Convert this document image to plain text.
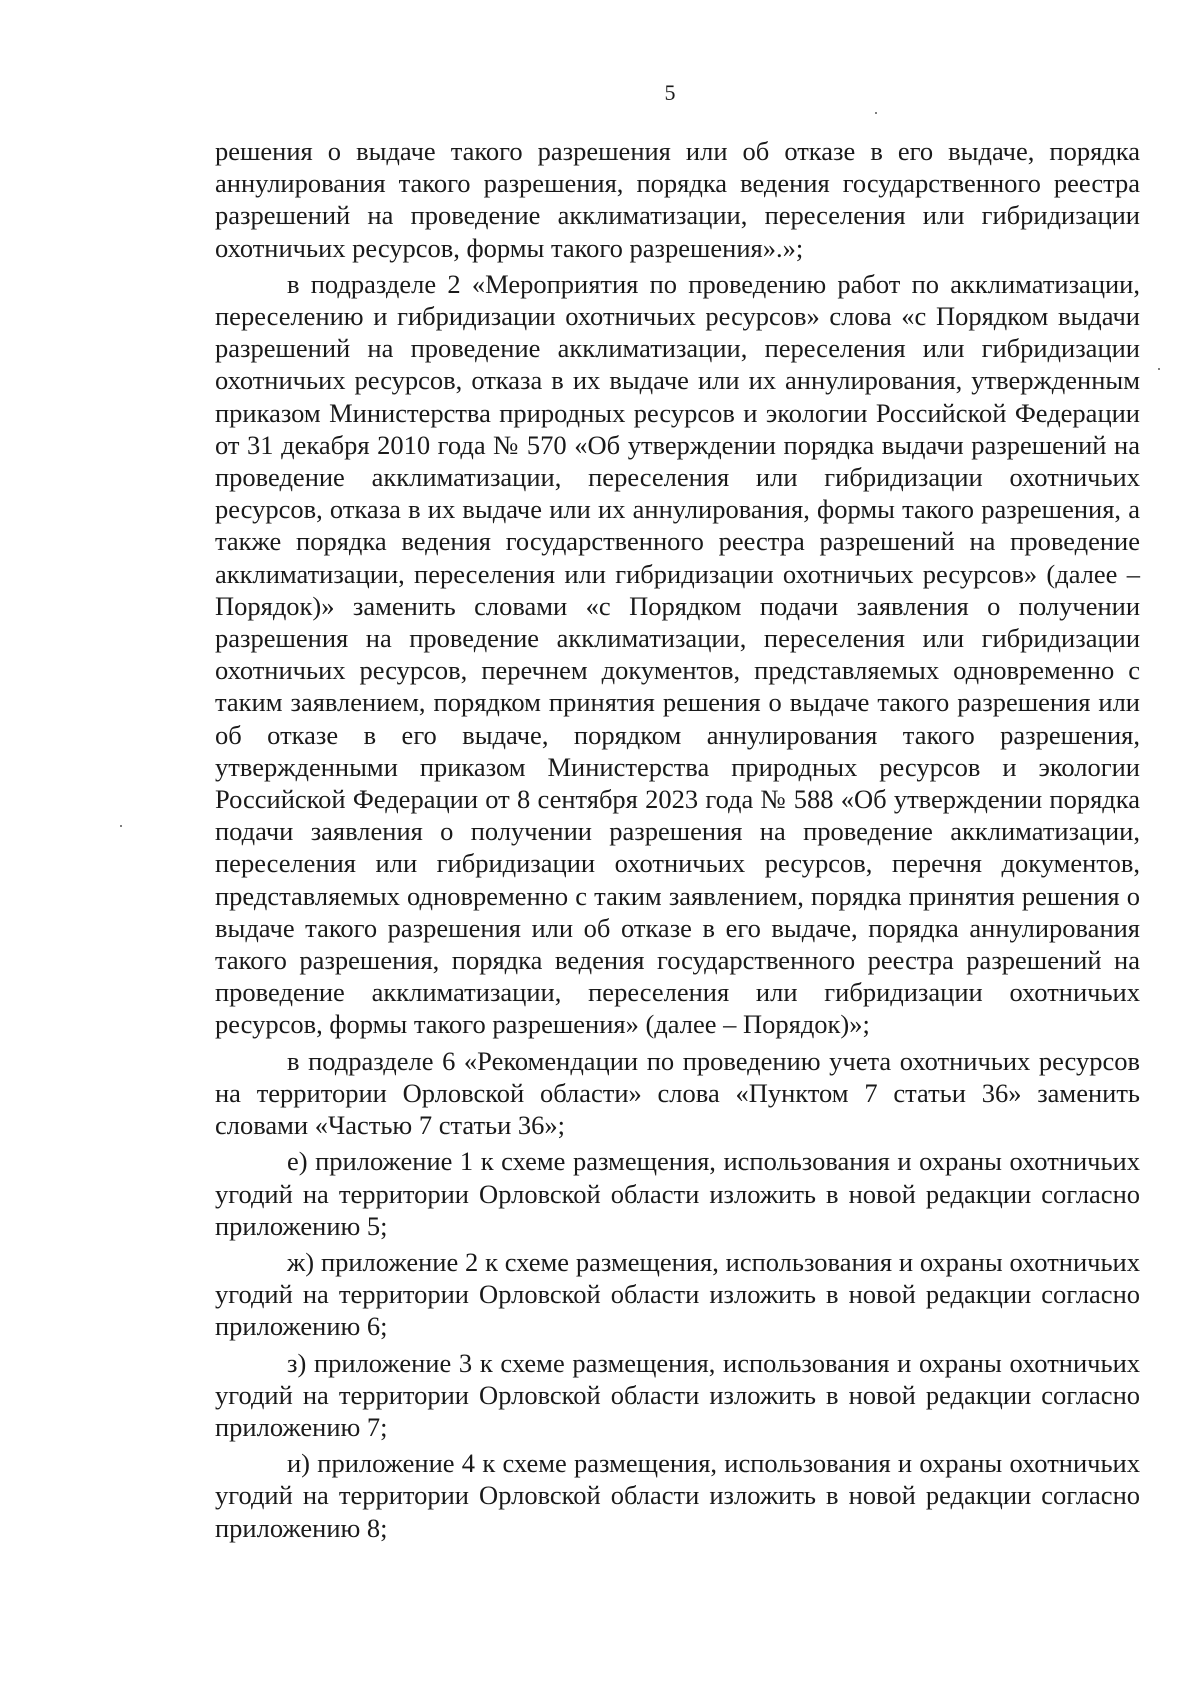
5

решения о выдаче такого разрешения или об отказе в его выдаче, порядка аннулирования такого разрешения, порядка ведения государственного реестра разрешений на проведение акклиматизации, переселения или гибридизации охотничьих ресурсов, формы такого разрешения».»;

в подразделе 2 «Мероприятия по проведению работ по акклиматизации, переселению и гибридизации охотничьих ресурсов» слова «с Порядком выдачи разрешений на проведение акклиматизации, переселения или гибридизации охотничьих ресурсов, отказа в их выдаче или их аннулирования, утвержденным приказом Министерства природных ресурсов и экологии Российской Федерации от 31 декабря 2010 года № 570 «Об утверждении порядка выдачи разрешений на проведение акклиматизации, переселения или гибридизации охотничьих ресурсов, отказа в их выдаче или их аннулирования, формы такого разрешения, а также порядка ведения государственного реестра разрешений на проведение акклиматизации, переселения или гибридизации охотничьих ресурсов» (далее – Порядок)» заменить словами «с Порядком подачи заявления о получении разрешения на проведение акклиматизации, переселения или гибридизации охотничьих ресурсов, перечнем документов, представляемых одновременно с таким заявлением, порядком принятия решения о выдаче такого разрешения или об отказе в его выдаче, порядком аннулирования такого разрешения, утвержденными приказом Министерства природных ресурсов и экологии Российской Федерации от 8 сентября 2023 года № 588 «Об утверждении порядка подачи заявления о получении разрешения на проведение акклиматизации, переселения или гибридизации охотничьих ресурсов, перечня документов, представляемых одновременно с таким заявлением, порядка принятия решения о выдаче такого разрешения или об отказе в его выдаче, порядка аннулирования такого разрешения, порядка ведения государственного реестра разрешений на проведение акклиматизации, переселения или гибридизации охотничьих ресурсов, формы такого разрешения» (далее – Порядок)»;

в подразделе 6 «Рекомендации по проведению учета охотничьих ресурсов на территории Орловской области» слова «Пунктом 7 статьи 36» заменить словами «Частью 7 статьи 36»;

е) приложение 1 к схеме размещения, использования и охраны охотничьих угодий на территории Орловской области изложить в новой редакции согласно приложению 5;

ж) приложение 2 к схеме размещения, использования и охраны охотничьих угодий на территории Орловской области изложить в новой редакции согласно приложению 6;

з) приложение 3 к схеме размещения, использования и охраны охотничьих угодий на территории Орловской области изложить в новой редакции согласно приложению 7;

и) приложение 4 к схеме размещения, использования и охраны охотничьих угодий на территории Орловской области изложить в новой редакции согласно приложению 8;
